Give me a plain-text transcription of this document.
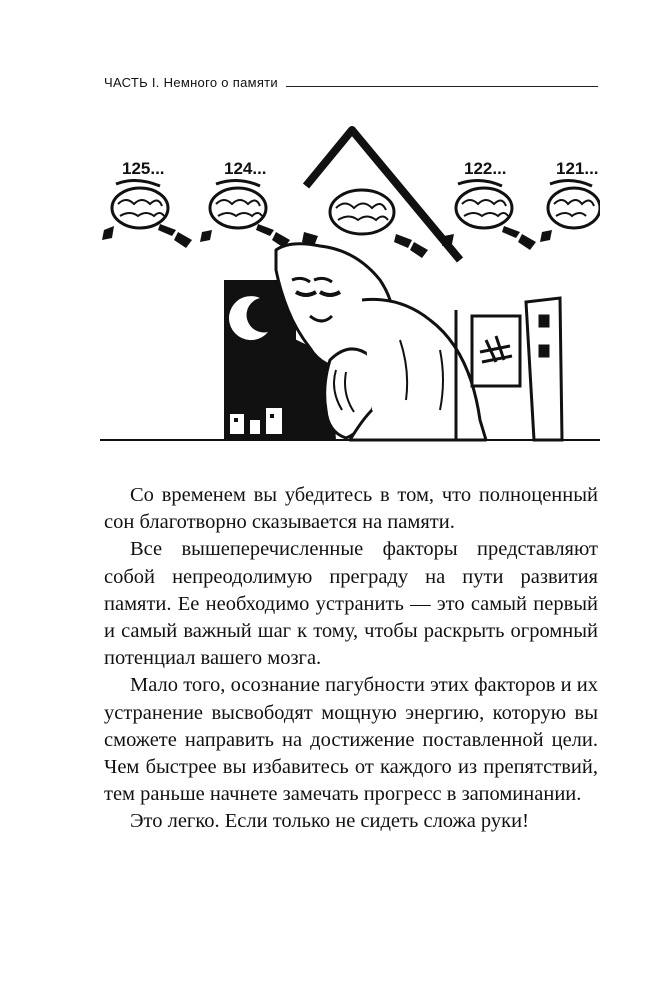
ЧАСТЬ I. Немного о памяти
125...	124...	122...	121...

Со временем вы убедитесь в том, что полноценный сон благотворно сказывается на памяти.

Все вышеперечисленные факторы представляют собой непреодолимую преграду на пути развития памяти. Ее необходимо устранить — это самый первый и самый важный шаг к тому, чтобы раскрыть огромный потенциал вашего мозга.

Мало того, осознание пагубности этих факторов и их устранение высвободят мощную энергию, которую вы сможете направить на достижение поставленной цели. Чем быстрее вы избавитесь от каждого из препятствий, тем раньше начнете замечать прогресс в запоминании.

Это легко. Если только не сидеть сложа руки!
